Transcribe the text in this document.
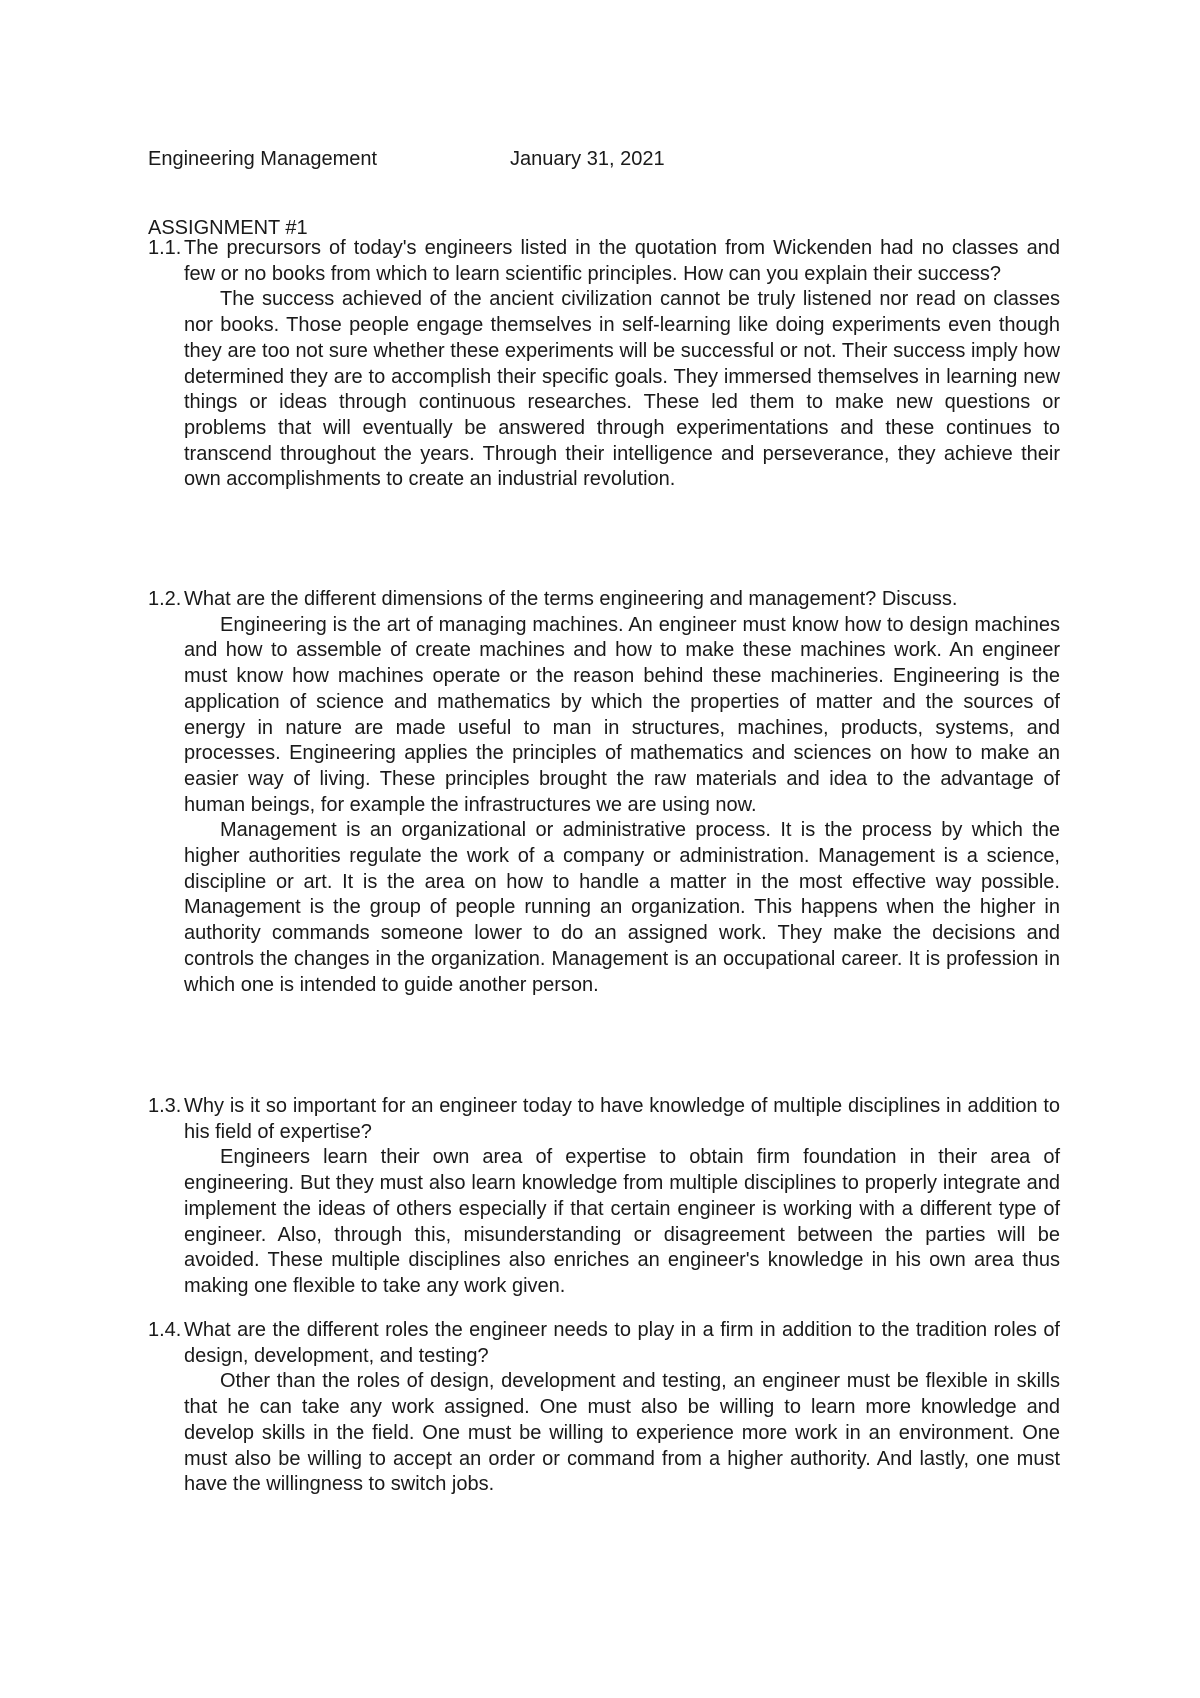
Engineering Management	January 31, 2021
ASSIGNMENT #1
1.1. The precursors of today's engineers listed in the quotation from Wickenden had no classes and few or no books from which to learn scientific principles. How can you explain their success?
The success achieved of the ancient civilization cannot be truly listened nor read on classes nor books. Those people engage themselves in self-learning like doing experiments even though they are too not sure whether these experiments will be successful or not. Their success imply how determined they are to accomplish their specific goals. They immersed themselves in learning new things or ideas through continuous researches. These led them to make new questions or problems that will eventually be answered through experimentations and these continues to transcend throughout the years. Through their intelligence and perseverance, they achieve their own accomplishments to create an industrial revolution.
1.2. What are the different dimensions of the terms engineering and management? Discuss.
Engineering is the art of managing machines. An engineer must know how to design machines and how to assemble of create machines and how to make these machines work. An engineer must know how machines operate or the reason behind these machineries. Engineering is the application of science and mathematics by which the properties of matter and the sources of energy in nature are made useful to man in structures, machines, products, systems, and processes. Engineering applies the principles of mathematics and sciences on how to make an easier way of living. These principles brought the raw materials and idea to the advantage of human beings, for example the infrastructures we are using now.
Management is an organizational or administrative process. It is the process by which the higher authorities regulate the work of a company or administration. Management is a science, discipline or art. It is the area on how to handle a matter in the most effective way possible. Management is the group of people running an organization. This happens when the higher in authority commands someone lower to do an assigned work. They make the decisions and controls the changes in the organization. Management is an occupational career. It is profession in which one is intended to guide another person.
1.3. Why is it so important for an engineer today to have knowledge of multiple disciplines in addition to his field of expertise?
Engineers learn their own area of expertise to obtain firm foundation in their area of engineering. But they must also learn knowledge from multiple disciplines to properly integrate and implement the ideas of others especially if that certain engineer is working with a different type of engineer. Also, through this, misunderstanding or disagreement between the parties will be avoided. These multiple disciplines also enriches an engineer's knowledge in his own area thus making one flexible to take any work given.
1.4. What are the different roles the engineer needs to play in a firm in addition to the tradition roles of design, development, and testing?
Other than the roles of design, development and testing, an engineer must be flexible in skills that he can take any work assigned. One must also be willing to learn more knowledge and develop skills in the field. One must be willing to experience more work in an environment. One must also be willing to accept an order or command from a higher authority. And lastly, one must have the willingness to switch jobs.
